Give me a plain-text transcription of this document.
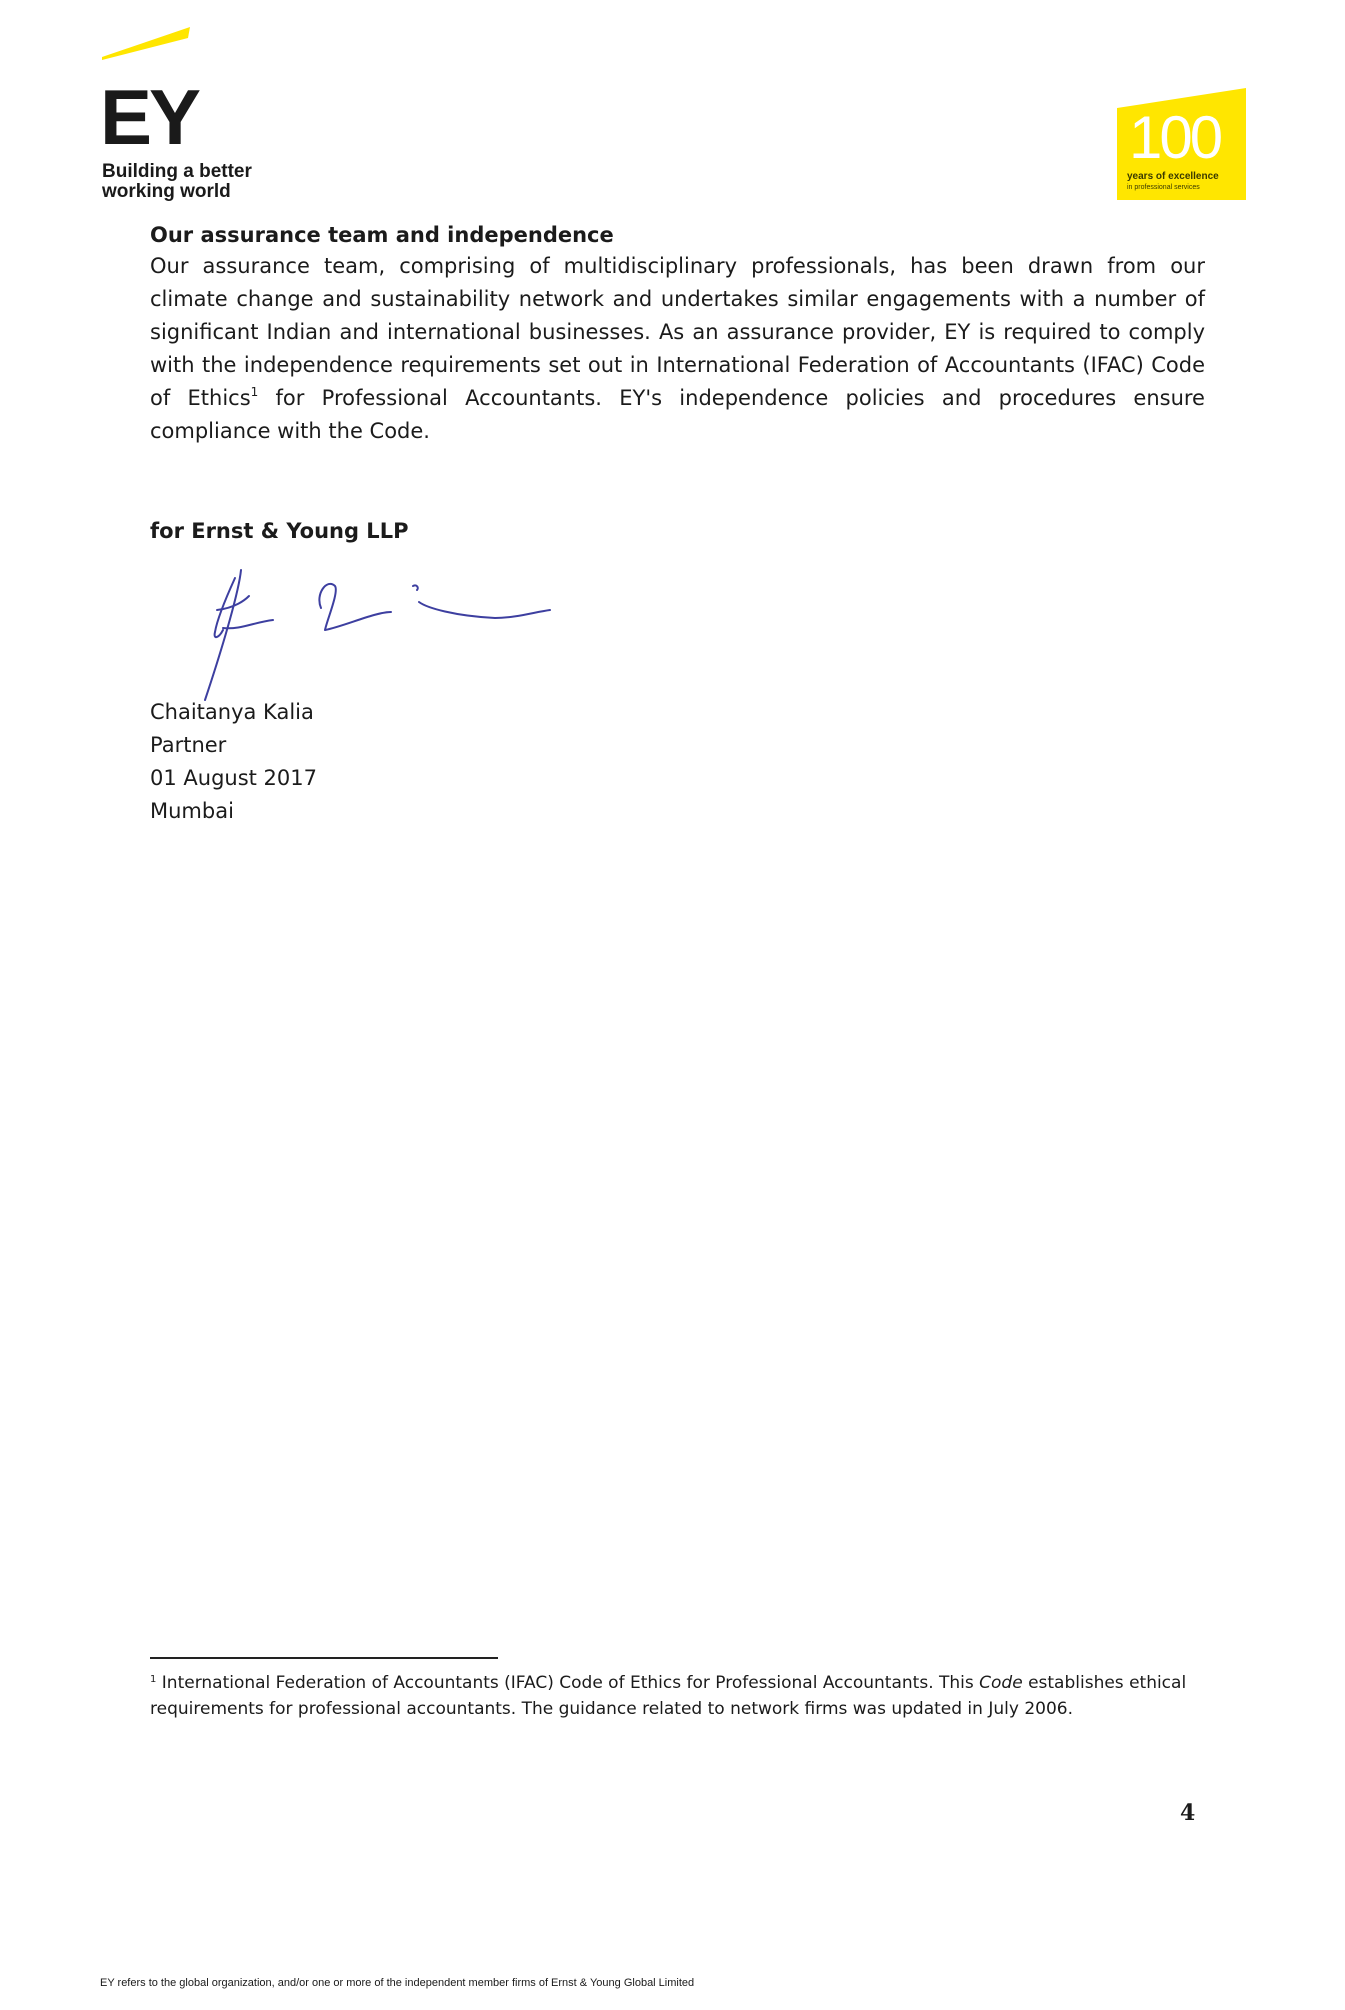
EY
Building a better
working world
100
years of excellence
in professional services

Our assurance team and independence

Our assurance team, comprising of multidisciplinary professionals, has been drawn from our climate change and sustainability network and undertakes similar engagements with a number of significant Indian and international businesses. As an assurance provider, EY is required to comply with the independence requirements set out in International Federation of Accountants (IFAC) Code of Ethics$^1$ for Professional Accountants. EY's independence policies and procedures ensure compliance with the Code.

for Ernst & Young LLP
Chaitanya Kalia
Partner
01 August 2017
Mumbai
$^1$ International Federation of Accountants (IFAC) Code of Ethics for Professional Accountants. This Code establishes ethical requirements for professional accountants. The guidance related to network firms was updated in July 2006.
4
EY refers to the global organization, and/or one or more of the independent member firms of Ernst & Young Global Limited
